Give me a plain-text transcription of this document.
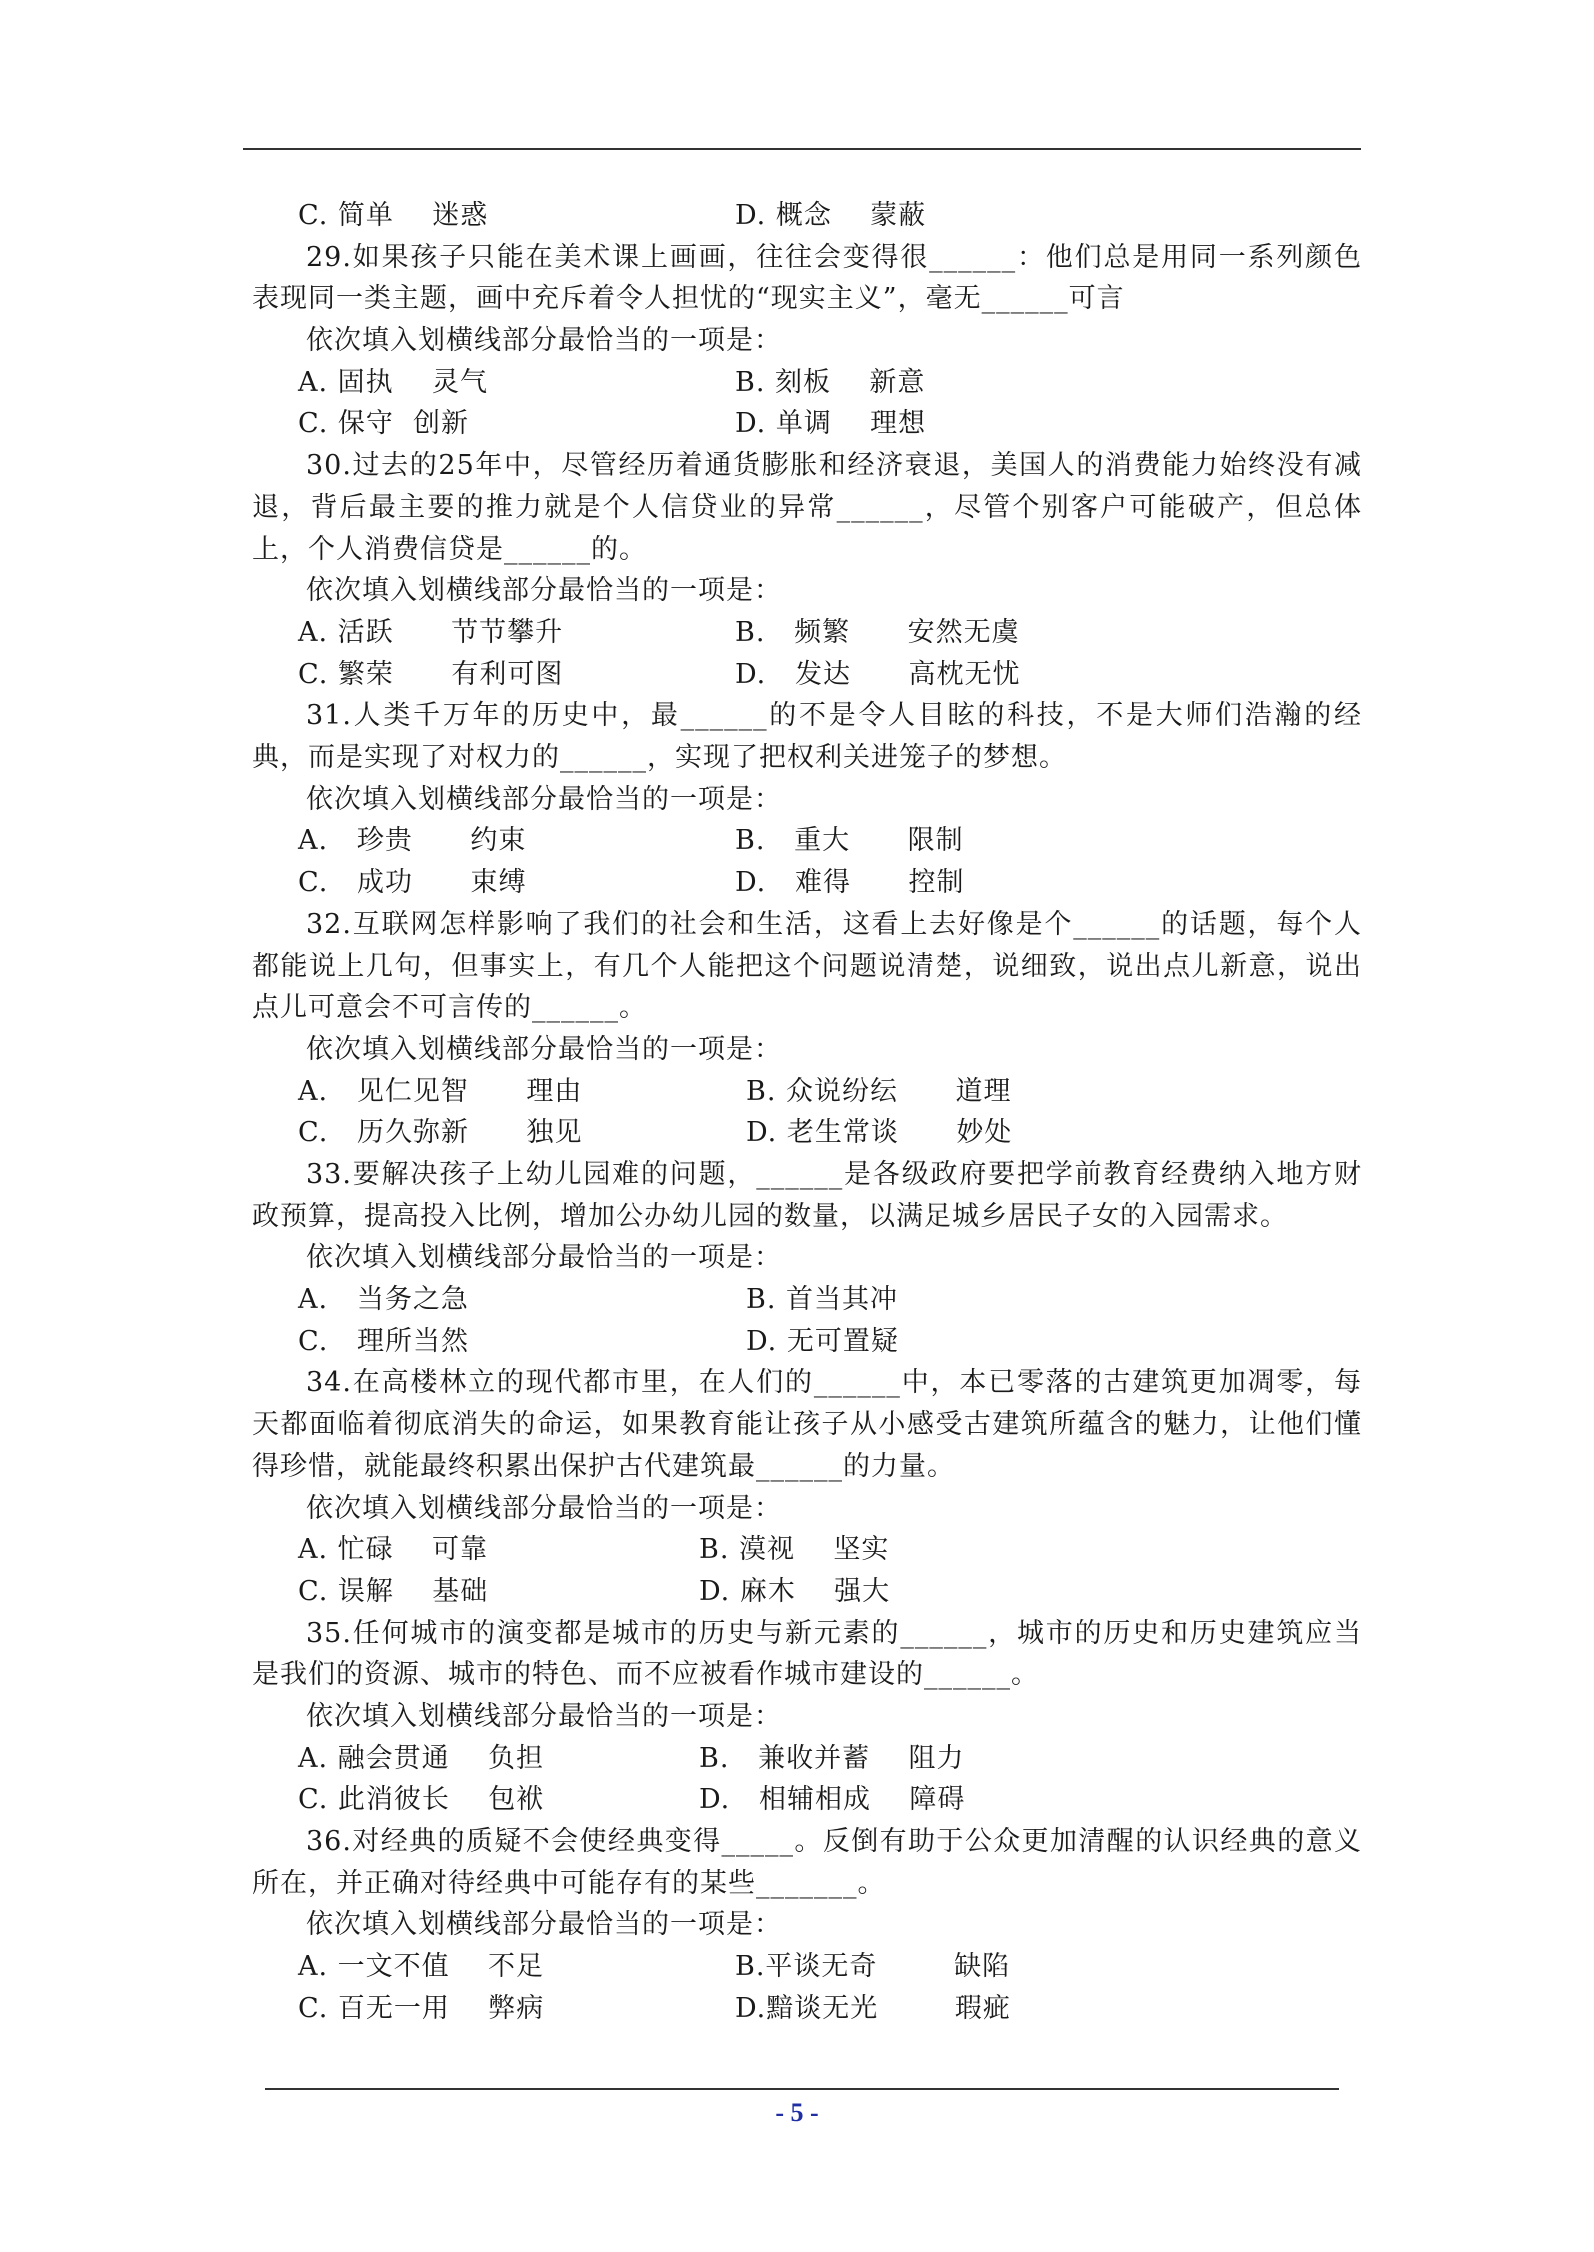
C. 简单    迷惑	D. 概念    蒙蔽
29.如果孩子只能在美术课上画画，往往会变得很______：他们总是用同一系列颜色表现同一类主题，画中充斥着令人担忧的“现实主义”，毫无______可言
依次填入划横线部分最恰当的一项是：
A. 固执    灵气	B. 刻板    新意
C. 保守  创新	D. 单调    理想
30.过去的25年中，尽管经历着通货膨胀和经济衰退，美国人的消费能力始终没有减退，背后最主要的推力就是个人信贷业的异常______，尽管个别客户可能破产，但总体上，个人消费信贷是______的。
依次填入划横线部分最恰当的一项是：
A. 活跃      节节攀升	B.   频繁      安然无虞
C. 繁荣      有利可图	D.   发达      高枕无忧
31.人类千万年的历史中，最______的不是令人目眩的科技，不是大师们浩瀚的经典，而是实现了对权力的______，实现了把权利关进笼子的梦想。
依次填入划横线部分最恰当的一项是：
A.   珍贵      约束	B.   重大      限制
C.   成功      束缚	D.   难得      控制
32.互联网怎样影响了我们的社会和生活，这看上去好像是个______的话题，每个人都能说上几句，但事实上，有几个人能把这个问题说清楚，说细致，说出点儿新意，说出点儿可意会不可言传的______。
依次填入划横线部分最恰当的一项是：
A.   见仁见智      理由	B. 众说纷纭      道理
C.   历久弥新      独见	D. 老生常谈      妙处
33.要解决孩子上幼儿园难的问题，______是各级政府要把学前教育经费纳入地方财政预算，提高投入比例，增加公办幼儿园的数量，以满足城乡居民子女的入园需求。
依次填入划横线部分最恰当的一项是：
A.   当务之急	B. 首当其冲
C.   理所当然	D. 无可置疑
34.在高楼林立的现代都市里，在人们的______中，本已零落的古建筑更加凋零，每天都面临着彻底消失的命运，如果教育能让孩子从小感受古建筑所蕴含的魅力，让他们懂得珍惜，就能最终积累出保护古代建筑最______的力量。
依次填入划横线部分最恰当的一项是：
A. 忙碌    可靠	B. 漠视    坚实
C. 误解    基础	D. 麻木    强大
35.任何城市的演变都是城市的历史与新元素的______，城市的历史和历史建筑应当是我们的资源、城市的特色、而不应被看作城市建设的______。
依次填入划横线部分最恰当的一项是：
A. 融会贯通    负担	B.   兼收并蓄    阻力
C. 此消彼长    包袱	D.   相辅相成    障碍
36.对经典的质疑不会使经典变得_____。反倒有助于公众更加清醒的认识经典的意义所在，并正确对待经典中可能存有的某些_______。
依次填入划横线部分最恰当的一项是：
A. 一文不值    不足	B.平谈无奇        缺陷
C. 百无一用    弊病	D.黯谈无光        瑕疵
- 5 -
